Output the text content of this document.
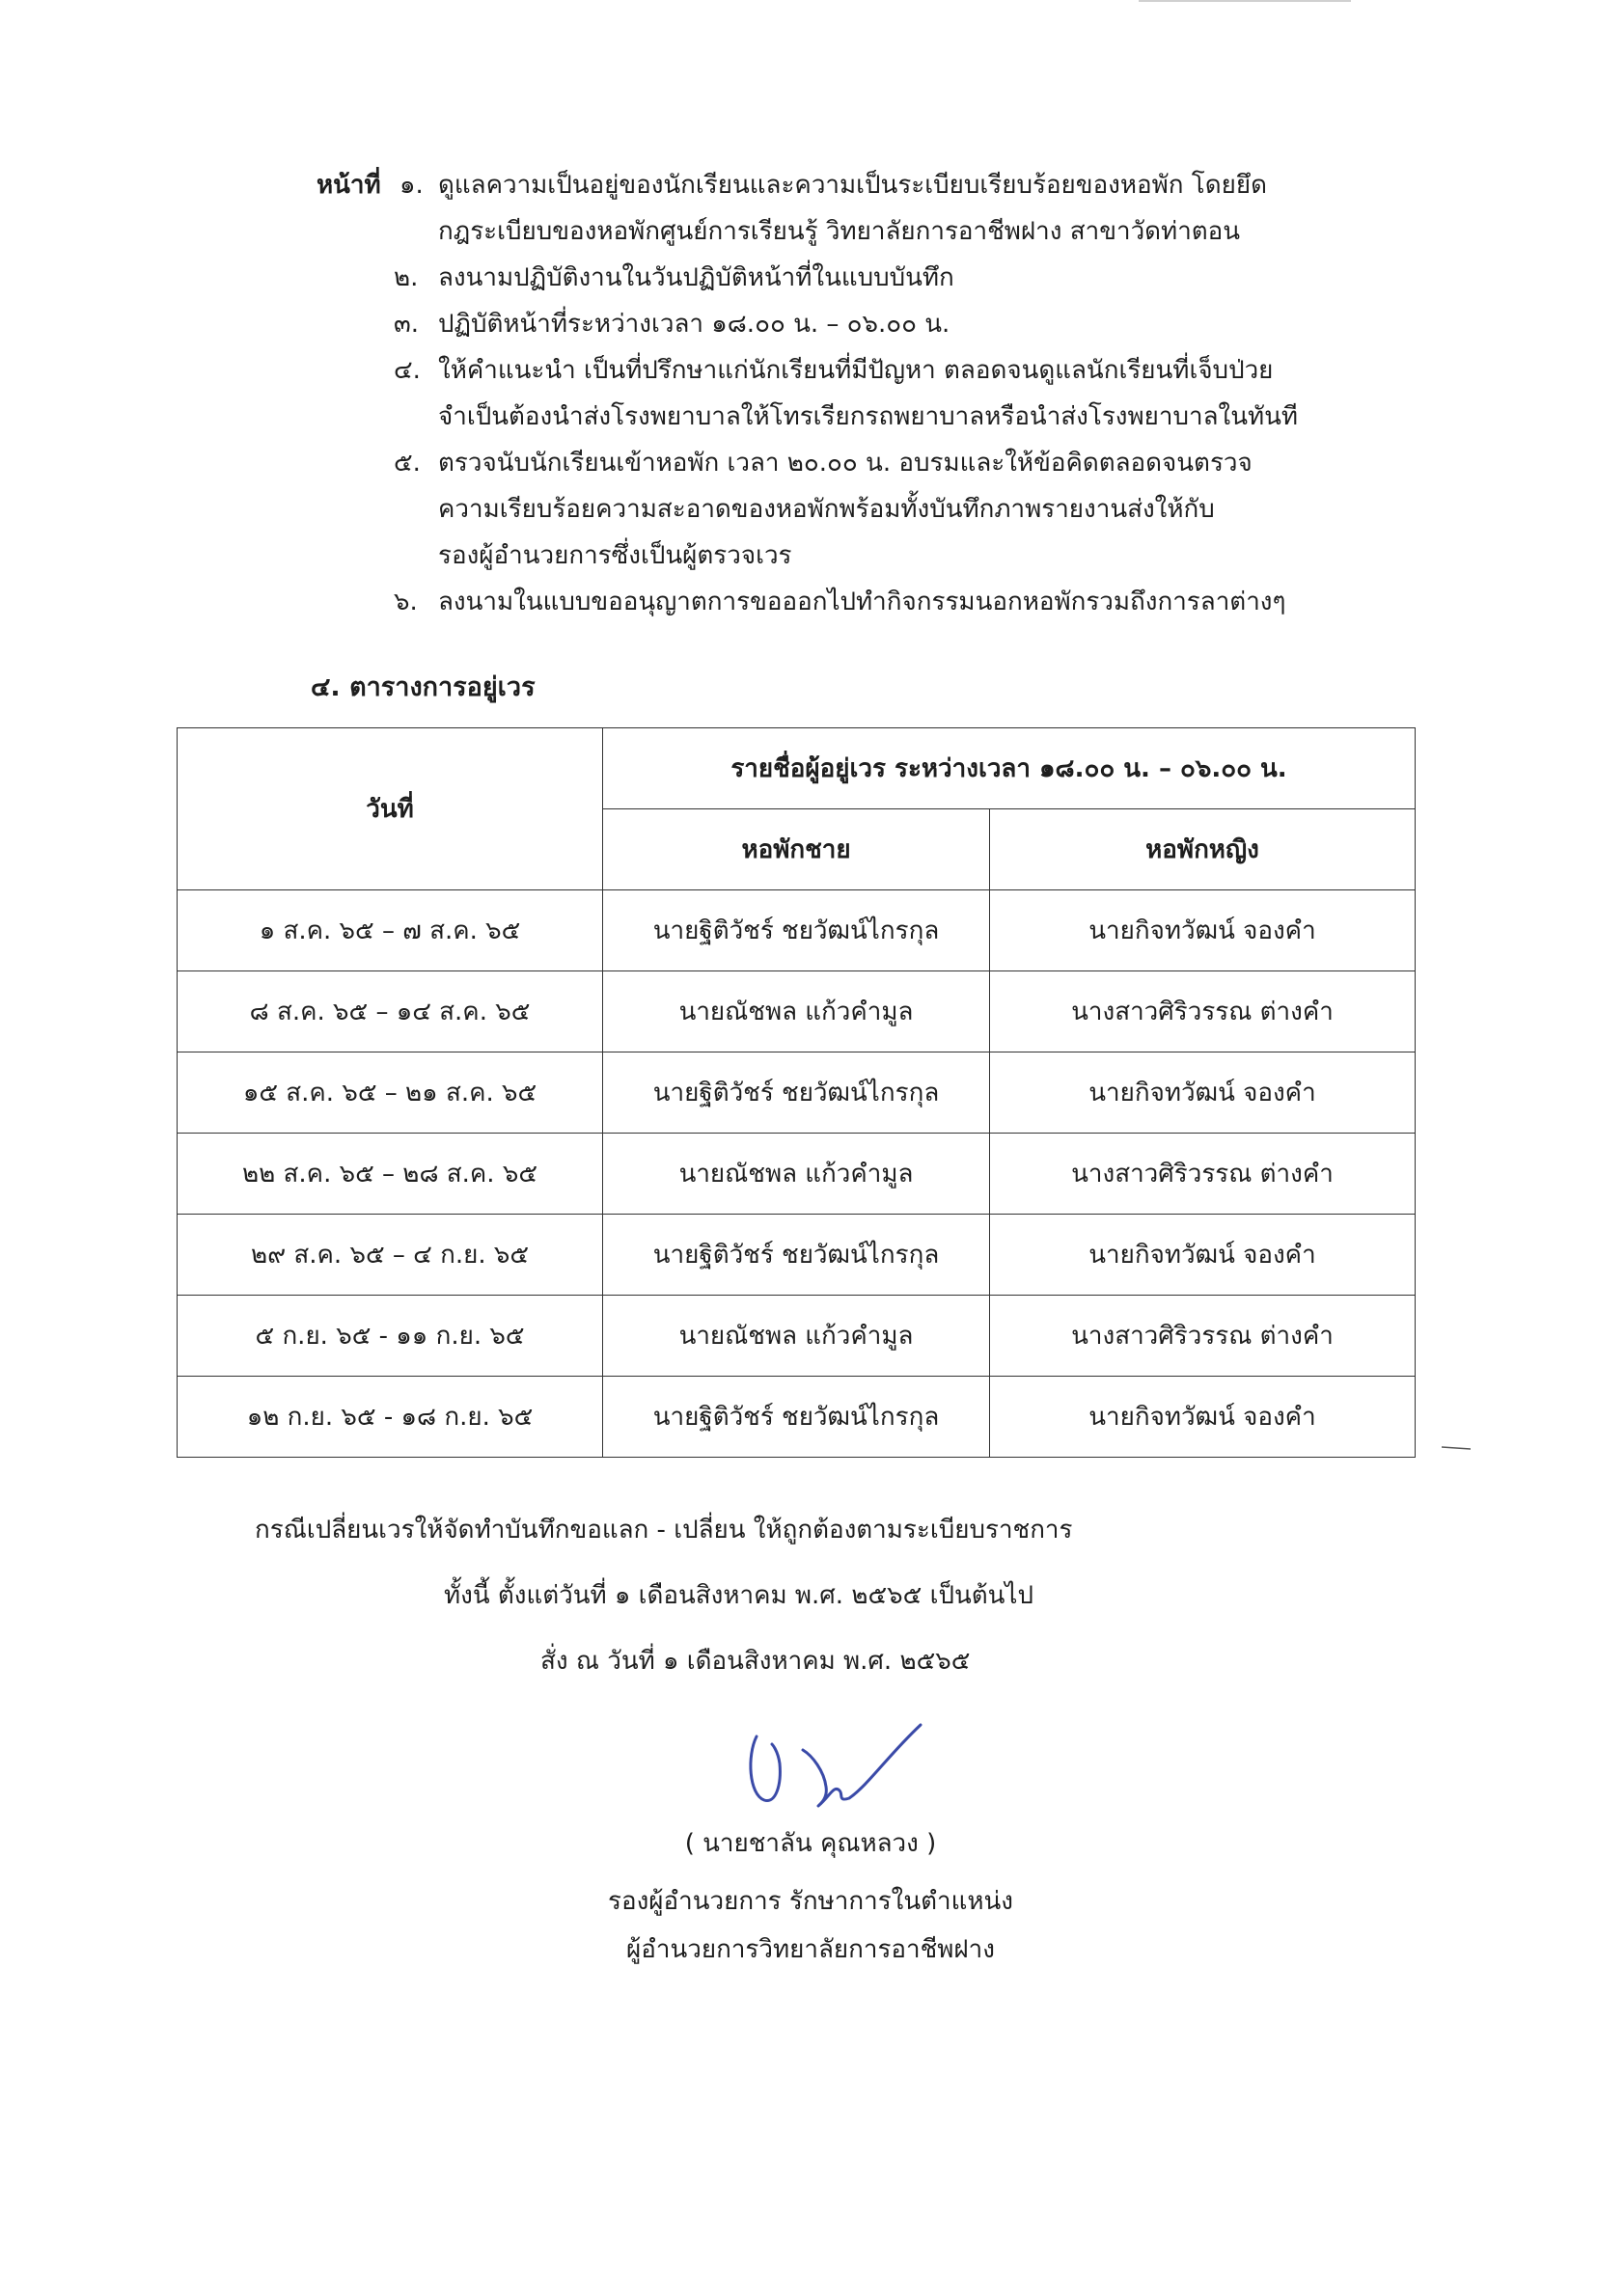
หน้าที่ ๑. ดูแลความเป็นอยู่ของนักเรียนและความเป็นระเบียบเรียบร้อยของหอพัก โดยยึด
กฎระเบียบของหอพักศูนย์การเรียนรู้ วิทยาลัยการอาชีพฝาง สาขาวัดท่าตอน
๒. ลงนามปฏิบัติงานในวันปฏิบัติหน้าที่ในแบบบันทึก
๓. ปฏิบัติหน้าที่ระหว่างเวลา ๑๘.๐๐ น. – ๐๖.๐๐ น.
๔. ให้คำแนะนำ เป็นที่ปรึกษาแก่นักเรียนที่มีปัญหา ตลอดจนดูแลนักเรียนที่เจ็บป่วย
จำเป็นต้องนำส่งโรงพยาบาลให้โทรเรียกรถพยาบาลหรือนำส่งโรงพยาบาลในทันที
๕. ตรวจนับนักเรียนเข้าหอพัก เวลา ๒๐.๐๐ น. อบรมและให้ข้อคิดตลอดจนตรวจ
ความเรียบร้อยความสะอาดของหอพักพร้อมทั้งบันทึกภาพรายงานส่งให้กับ
รองผู้อำนวยการซึ่งเป็นผู้ตรวจเวร
๖. ลงนามในแบบขออนุญาตการขอออกไปทำกิจกรรมนอกหอพักรวมถึงการลาต่างๆ
๔. ตารางการอยู่เวร
วันที่	รายชื่อผู้อยู่เวร ระหว่างเวลา ๑๘.๐๐ น. – ๐๖.๐๐ น.	
	หอพักชาย	หอพักหญิง
๑ ส.ค. ๖๕ – ๗ ส.ค. ๖๕	นายฐิติวัชร์ ชยวัฒน์ไกรกุล	นายกิจทวัฒน์ จองคำ
๘ ส.ค. ๖๕ – ๑๔ ส.ค. ๖๕	นายณัชพล แก้วคำมูล	นางสาวศิริวรรณ ต่างคำ
๑๕ ส.ค. ๖๕ – ๒๑ ส.ค. ๖๕	นายฐิติวัชร์ ชยวัฒน์ไกรกุล	นายกิจทวัฒน์ จองคำ
๒๒ ส.ค. ๖๕ – ๒๘ ส.ค. ๖๕	นายณัชพล แก้วคำมูล	นางสาวศิริวรรณ ต่างคำ
๒๙ ส.ค. ๖๕ – ๔ ก.ย. ๖๕	นายฐิติวัชร์ ชยวัฒน์ไกรกุล	นายกิจทวัฒน์ จองคำ
๕ ก.ย. ๖๕ - ๑๑ ก.ย. ๖๕	นายณัชพล แก้วคำมูล	นางสาวศิริวรรณ ต่างคำ
๑๒ ก.ย. ๖๕ - ๑๘ ก.ย. ๖๕	นายฐิติวัชร์ ชยวัฒน์ไกรกุล	นายกิจทวัฒน์ จองคำ
กรณีเปลี่ยนเวรให้จัดทำบันทึกขอแลก - เปลี่ยน ให้ถูกต้องตามระเบียบราชการ
ทั้งนี้ ตั้งแต่วันที่ ๑ เดือนสิงหาคม พ.ศ. ๒๕๖๕ เป็นต้นไป
สั่ง ณ วันที่ ๑ เดือนสิงหาคม พ.ศ. ๒๕๖๕
( นายชาลัน คุณหลวง )
รองผู้อำนวยการ รักษาการในตำแหน่ง
ผู้อำนวยการวิทยาลัยการอาชีพฝาง
